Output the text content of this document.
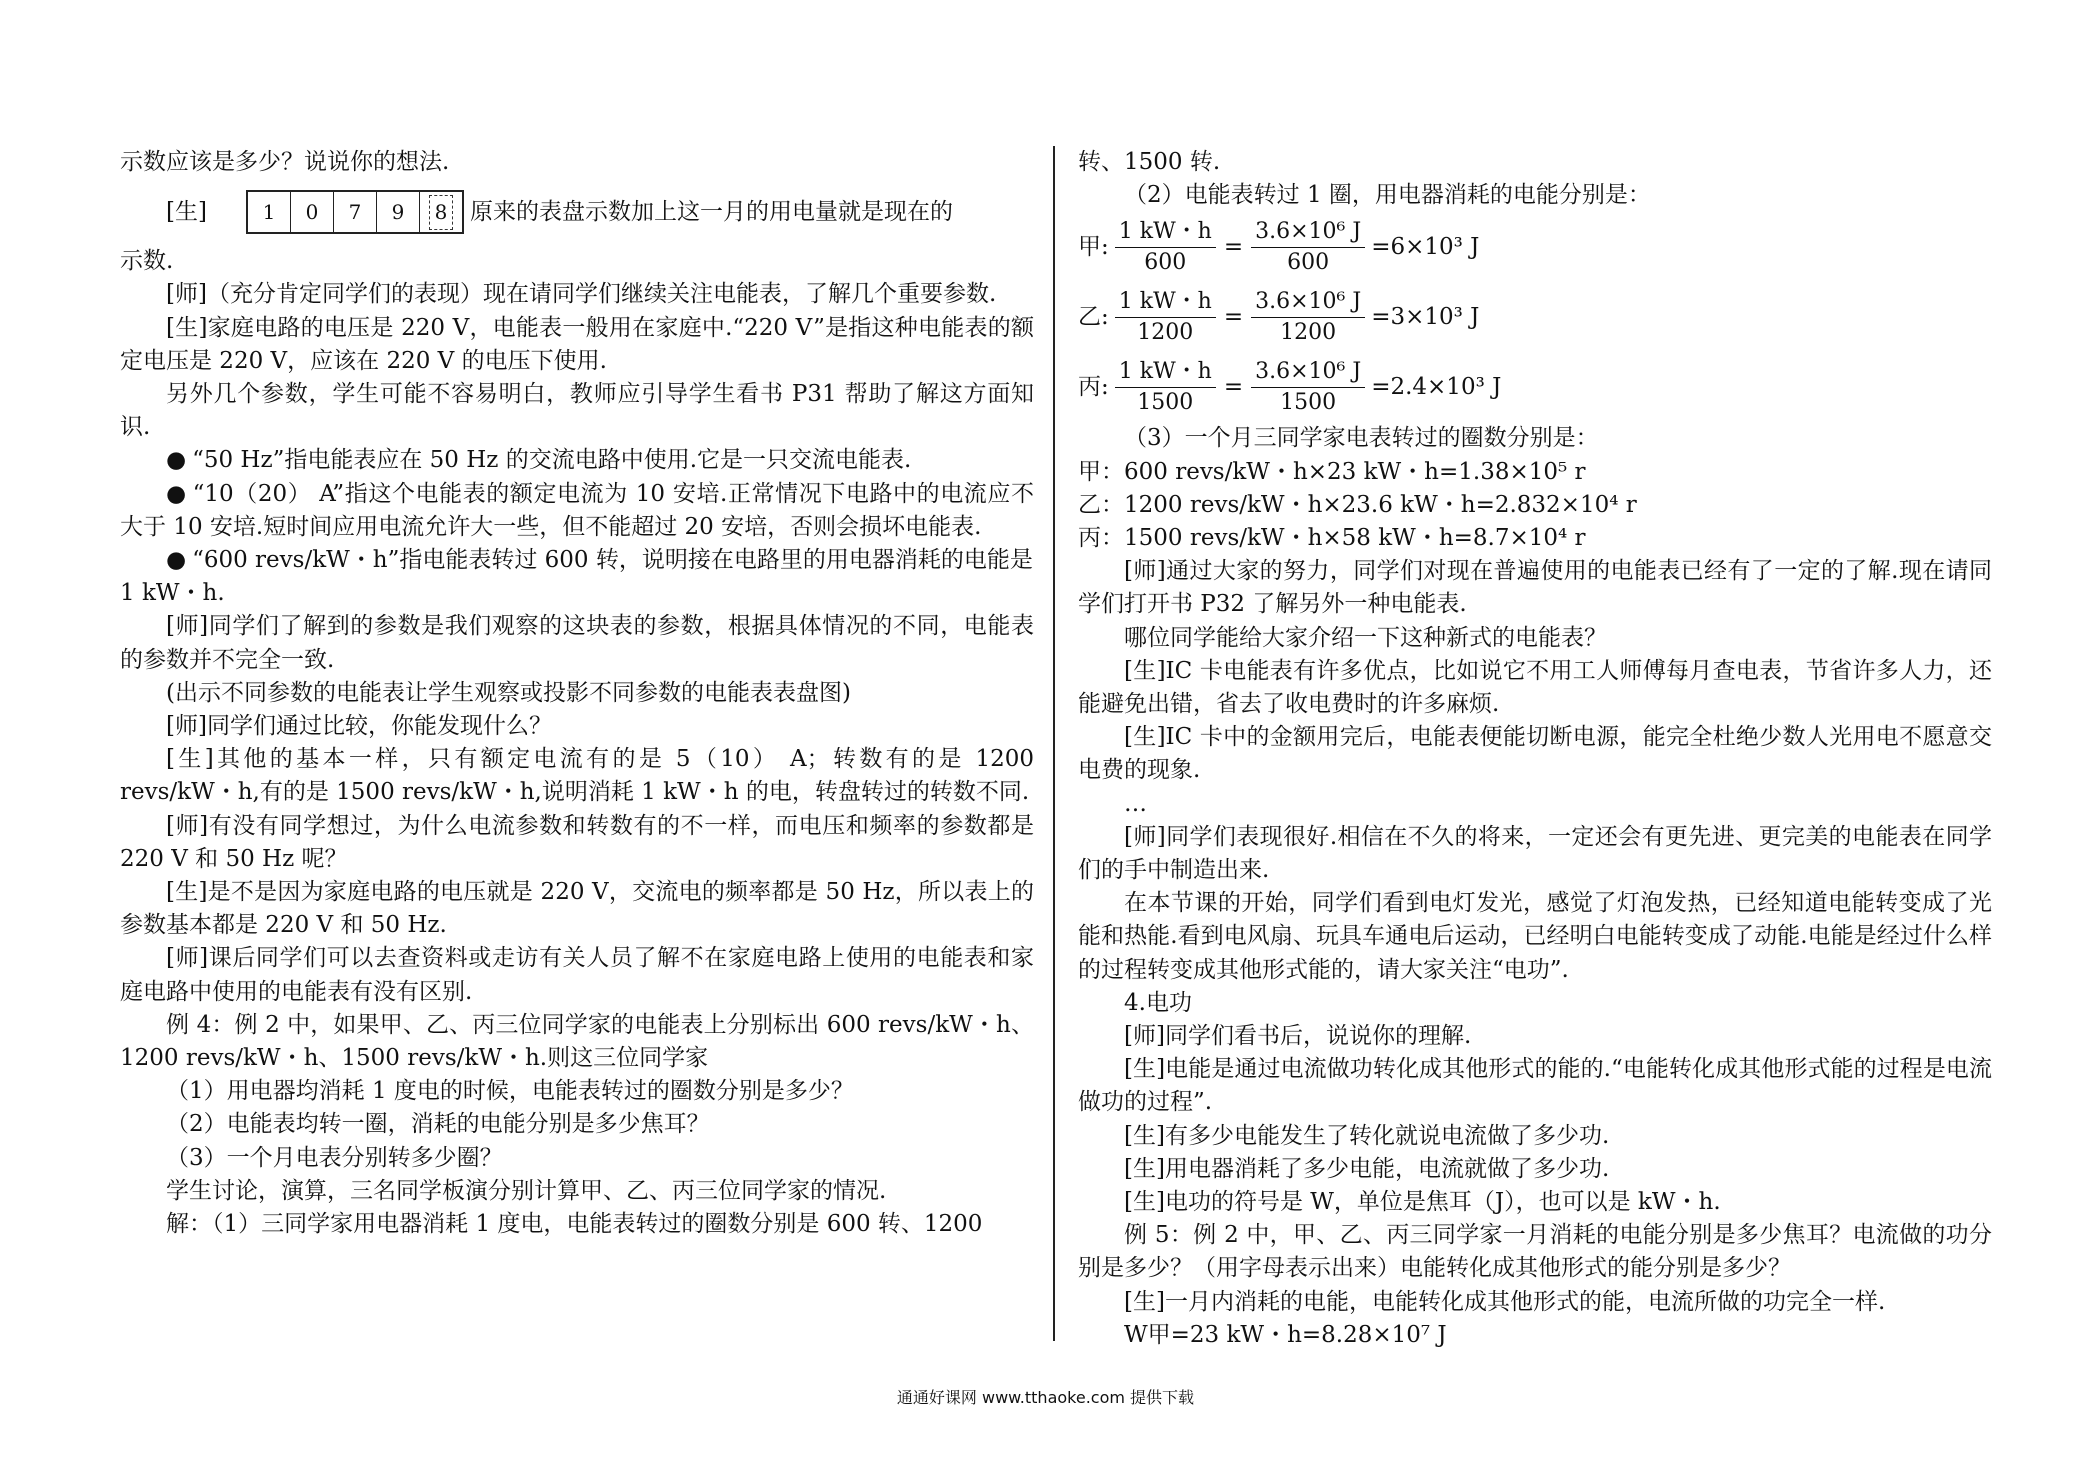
示数应该是多少？说说你的想法.

[生]	1 0 7 9	8 原来的表盘示数加上这一月的用电量就是现在的

示数.

[师]（充分肯定同学们的表现）现在请同学们继续关注电能表，了解几个重要参数.

[生]家庭电路的电压是 220 V，电能表一般用在家庭中.“220 V”是指这种电能表的额定电压是 220 V，应该在 220 V 的电压下使用.

另外几个参数，学生可能不容易明白，教师应引导学生看书 P31 帮助了解这方面知识.

● “50 Hz”指电能表应在 50 Hz 的交流电路中使用.它是一只交流电能表.

● “10（20） A”指这个电能表的额定电流为 10 安培.正常情况下电路中的电流应不大于 10 安培.短时间应用电流允许大一些，但不能超过 20 安培，否则会损坏电能表.

● “600 revs/kW・h”指电能表转过 600 转，说明接在电路里的用电器消耗的电能是

1 kW・h.

[师]同学们了解到的参数是我们观察的这块表的参数，根据具体情况的不同，电能表的参数并不完全一致.

(出示不同参数的电能表让学生观察或投影不同参数的电能表表盘图)

[师]同学们通过比较，你能发现什么？

[生]其他的基本一样，只有额定电流有的是 5（10） A；转数有的是 1200 revs/kW・h,有的是 1500 revs/kW・h,说明消耗 1 kW・h 的电，转盘转过的转数不同.

[师]有没有同学想过，为什么电流参数和转数有的不一样，而电压和频率的参数都是 220 V 和 50 Hz 呢？

[生]是不是因为家庭电路的电压就是 220 V，交流电的频率都是 50 Hz，所以表上的参数基本都是 220 V 和 50 Hz.

[师]课后同学们可以去查资料或走访有关人员了解不在家庭电路上使用的电能表和家庭电路中使用的电能表有没有区别.

例 4：例 2 中，如果甲、乙、丙三位同学家的电能表上分别标出 600 revs/kW・h、1200 revs/kW・h、1500 revs/kW・h.则这三位同学家

（1）用电器均消耗 1 度电的时候，电能表转过的圈数分别是多少？

（2）电能表均转一圈，消耗的电能分别是多少焦耳？

（3）一个月电表分别转多少圈？

学生讨论，演算，三名同学板演分别计算甲、乙、丙三位同学家的情况.

解：（1）三同学家用电器消耗 1 度电，电能表转过的圈数分别是 600 转、1200

转、1500 转.

（2）电能表转过 1 圈，用电器消耗的电能分别是：

甲: $\frac{1 kW・h}{600} = \frac{\text{3.6×10⁶ J}}{600} =6\times 10^3$ J
乙: $\frac{1 kW・h}{1200} = \frac{\text{3.6×10⁶ J}}{1200} =3\times 10^3$ J
丙: $\frac{1 kW・h}{1500} = \frac{\text{3.6×10⁶ J}}{1500} =2.4\times 10^3$ J

（3）一个月三同学家电表转过的圈数分别是：

甲：600 revs/kW・h×23 kW・h=1.38×10⁵ r

乙：1200 revs/kW・h×23.6 kW・h=2.832×10⁴ r

丙：1500 revs/kW・h×58 kW・h=8.7×10⁴ r

[师]通过大家的努力，同学们对现在普遍使用的电能表已经有了一定的了解.现在请同学们打开书 P32 了解另外一种电能表.

哪位同学能给大家介绍一下这种新式的电能表？

[生]IC 卡电能表有许多优点，比如说它不用工人师傅每月查电表，节省许多人力，还能避免出错，省去了收电费时的许多麻烦.

[生]IC 卡中的金额用完后，电能表便能切断电源，能完全杜绝少数人光用电不愿意交电费的现象.

…

[师]同学们表现很好.相信在不久的将来，一定还会有更先进、更完美的电能表在同学们的手中制造出来.

在本节课的开始，同学们看到电灯发光，感觉了灯泡发热，已经知道电能转变成了光能和热能.看到电风扇、玩具车通电后运动，已经明白电能转变成了动能.电能是经过什么样的过程转变成其他形式能的，请大家关注“电功”.

4.电功

[师]同学们看书后，说说你的理解.

[生]电能是通过电流做功转化成其他形式的能的.“电能转化成其他形式能的过程是电流做功的过程”.

[生]有多少电能发生了转化就说电流做了多少功.

[生]用电器消耗了多少电能，电流就做了多少功.

[生]电功的符号是 W，单位是焦耳（J），也可以是 kW・h.

例 5：例 2 中，甲、乙、丙三同学家一月消耗的电能分别是多少焦耳？电流做的功分别是多少？（用字母表示出来）电能转化成其他形式的能分别是多少？

[生]一月内消耗的电能，电能转化成其他形式的能，电流所做的功完全一样.

W甲=23 kW・h=8.28×10⁷ J

通通好课网 www.tthaoke.com 提供下载
